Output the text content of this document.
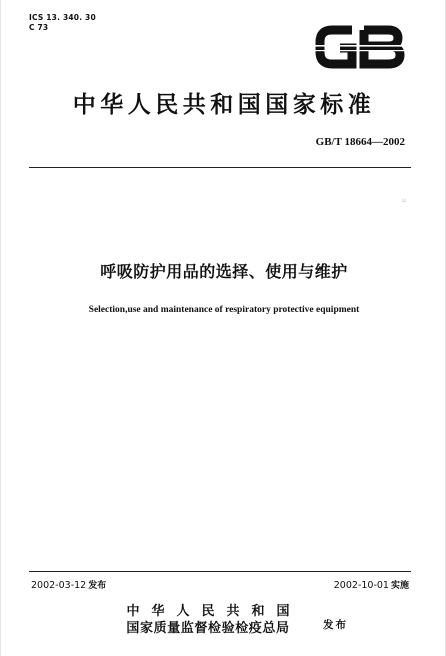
ICS 13. 340. 30
C 73
中华人民共和国国家标准
GB/T 18664—2002
u
呼吸防护用品的选择、使用与维护
Selection,use and maintenance of respiratory protective equipment
2002-03-12 发布	2002-10-01 实施
中华人民共和国
国家质量监督检验检疫总局	发布
